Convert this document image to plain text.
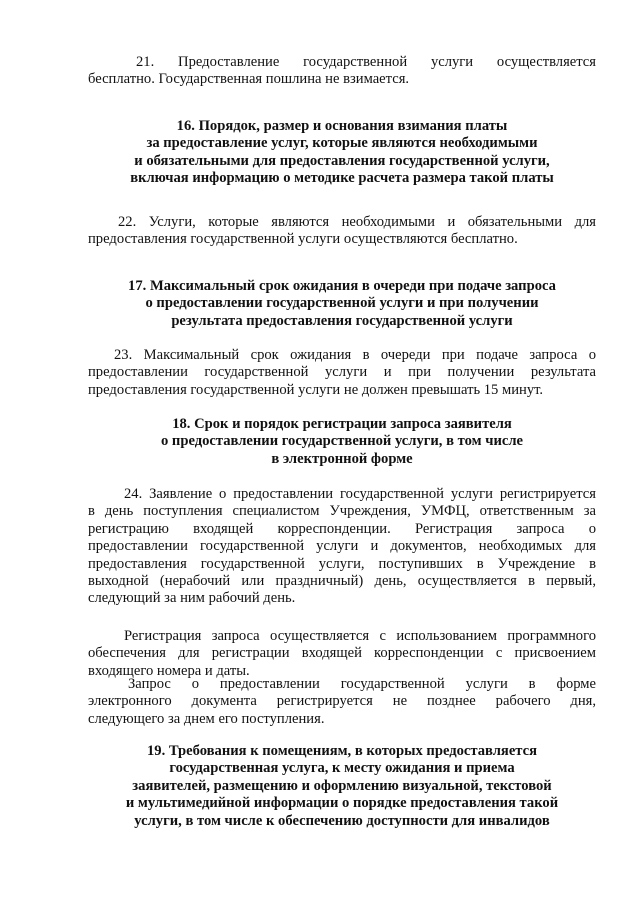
21. Предоставление государственной услуги осуществляется
бесплатно. Государственная пошлина не взимается.
16. Порядок, размер и основания взимания платы
за предоставление услуг, которые являются необходимыми
и обязательными для предоставления государственной услуги,
включая информацию о методике расчета размера такой платы
22. Услуги, которые являются необходимыми и обязательными для
предоставления государственной услуги осуществляются бесплатно.
17. Максимальный срок ожидания в очереди при подаче запроса
о предоставлении государственной услуги и при получении
результата предоставления государственной услуги
23. Максимальный срок ожидания в очереди при подаче запроса о
предоставлении государственной услуги и при получении результата
предоставления государственной услуги не должен превышать 15 минут.
18. Срок и порядок регистрации запроса заявителя
о предоставлении государственной услуги, в том числе
в электронной форме
24. Заявление о предоставлении государственной услуги регистрируется
в день поступления специалистом Учреждения, УМФЦ, ответственным за
регистрацию входящей корреспонденции. Регистрация запроса о
предоставлении государственной услуги и документов, необходимых для
предоставления государственной услуги, поступивших в Учреждение в
выходной (нерабочий или праздничный) день, осуществляется в первый,
следующий за ним рабочий день.
Регистрация запроса осуществляется с использованием программного
обеспечения для регистрации входящей корреспонденции с присвоением
входящего номера и даты.
Запрос о предоставлении государственной услуги в форме
электронного документа регистрируется не позднее рабочего дня,
следующего за днем его поступления.
19. Требования к помещениям, в которых предоставляется
государственная услуга, к месту ожидания и приема
заявителей, размещению и оформлению визуальной, текстовой
и мультимедийной информации о порядке предоставления такой
услуги, в том числе к обеспечению доступности для инвалидов
